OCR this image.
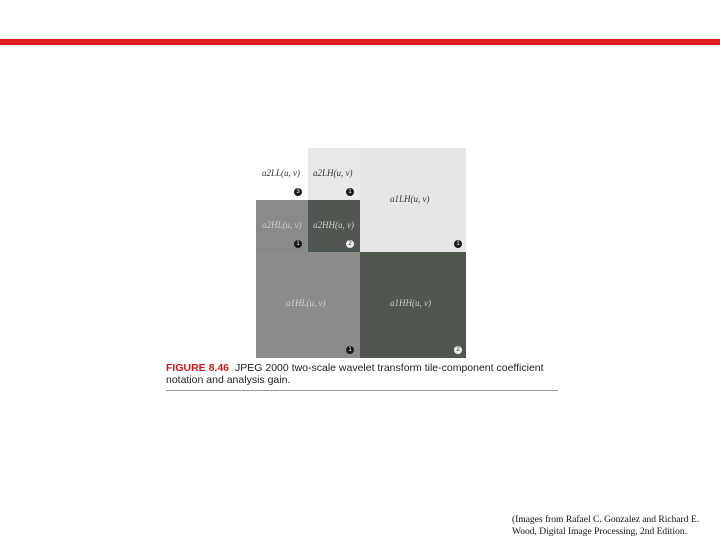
a2LL(u, v)
3
a2LH(u, v)
1
a2HL(u, v)
1
a2HH(u, v)
2
a1LH(u, v)
1
a1HL(u, v)
1
a1HH(u, v)
2
FIGURE 8.46 JPEG 2000 two-scale wavelet transform tile-component coefficient notation and analysis gain.
(Images from Rafael C. Gonzalez and Richard E.
Wood, Digital Image Processing, 2nd Edition.
